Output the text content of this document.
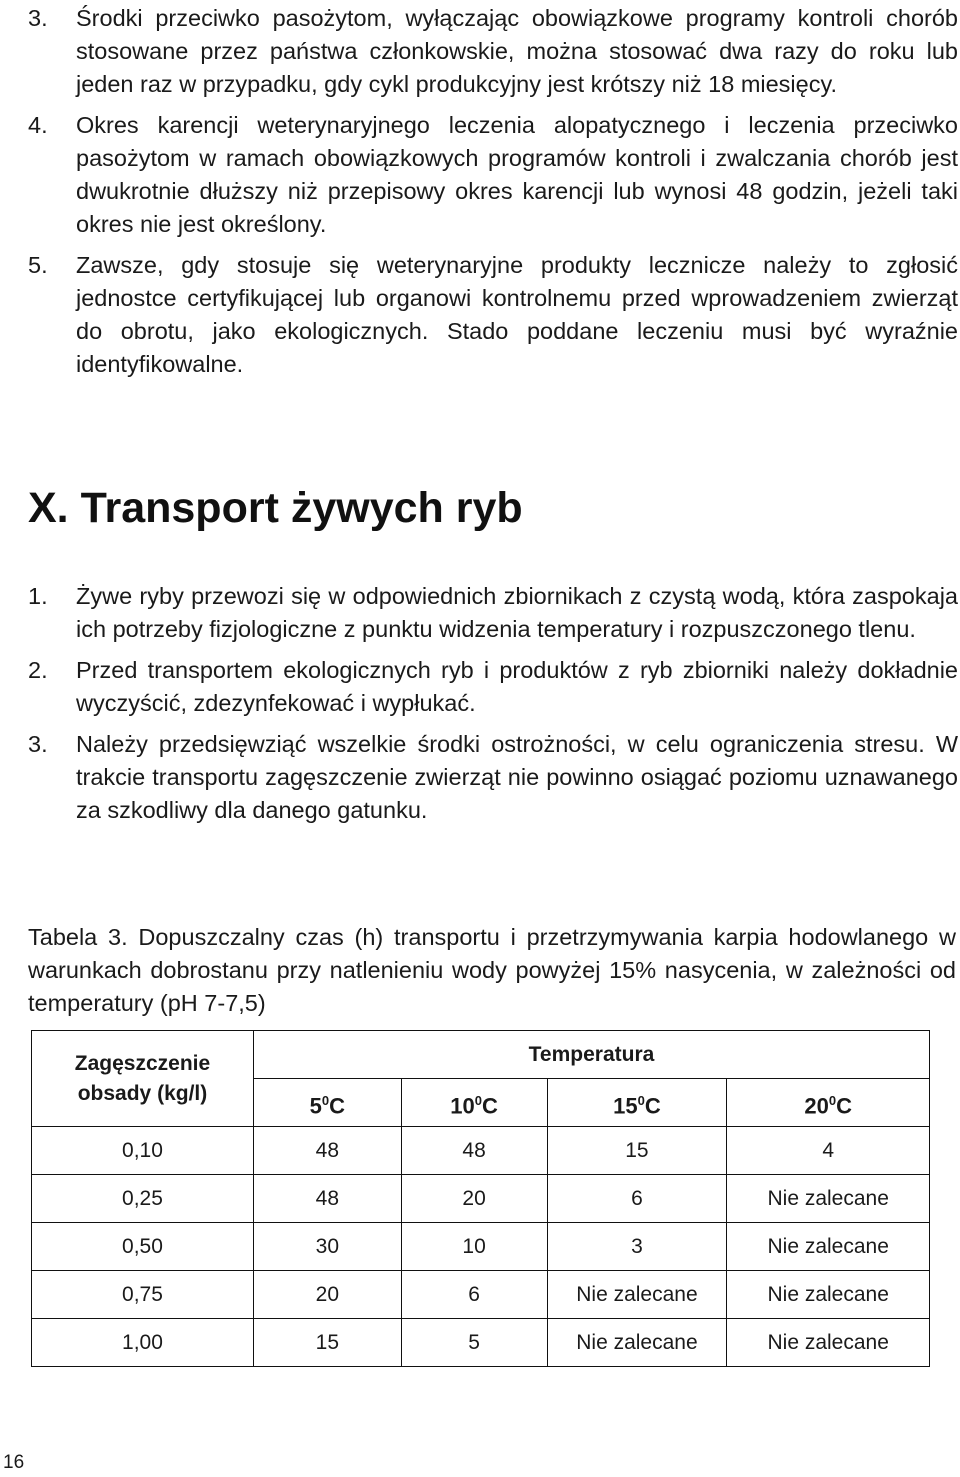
3.	Środki przeciwko pasożytom, wyłączając obowiązkowe programy kontroli chorób stosowane przez państwa członkowskie, można stosować dwa razy do roku lub jeden raz w przypadku, gdy cykl produkcyjny jest krótszy niż 18 miesięcy.
4.	Okres karencji weterynaryjnego leczenia alopatycznego i leczenia przeciwko pasożytom w ramach obowiązkowych programów kontroli i zwalczania chorób jest dwukrotnie dłuższy niż przepisowy okres karencji lub wynosi 48 godzin, jeżeli taki okres nie jest określony.
5.	Zawsze, gdy stosuje się weterynaryjne produkty lecznicze należy to zgłosić jednostce certyfikującej lub organowi kontrolnemu przed wprowadzeniem zwierząt do obrotu, jako ekologicznych. Stado poddane leczeniu musi być wyraźnie identyfikowalne.
X. Transport żywych ryb
1.	Żywe ryby przewozi się w odpowiednich zbiornikach z czystą wodą, która zaspokaja ich potrzeby fizjologiczne z punktu widzenia temperatury i rozpuszczonego tlenu.
2.	Przed transportem ekologicznych ryb i produktów z ryb zbiorniki należy dokładnie wyczyścić, zdezynfekować i wypłukać.
3.	Należy przedsięwziąć wszelkie środki ostrożności, w celu ograniczenia stresu. W trakcie transportu zagęszczenie zwierząt nie powinno osiągać poziomu uznawanego za szkodliwy dla danego gatunku.

Tabela 3. Dopuszczalny czas (h) transportu i przetrzymywania karpia hodowlanego w warunkach dobrostanu przy natlenieniu wody powyżej 15% nasycenia, w zależności od temperatury (pH 7-7,5)

Zagęszczenie
obsady (kg/l)	Temperatura			
	$5^0C$	$10^0C$	$15^0C$	$20^0C$
0,10	48	48	15	4
0,25	48	20	6	Nie zalecane
0,50	30	10	3	Nie zalecane
0,75	20	6	Nie zalecane	Nie zalecane
1,00	15	5	Nie zalecane	Nie zalecane

16
